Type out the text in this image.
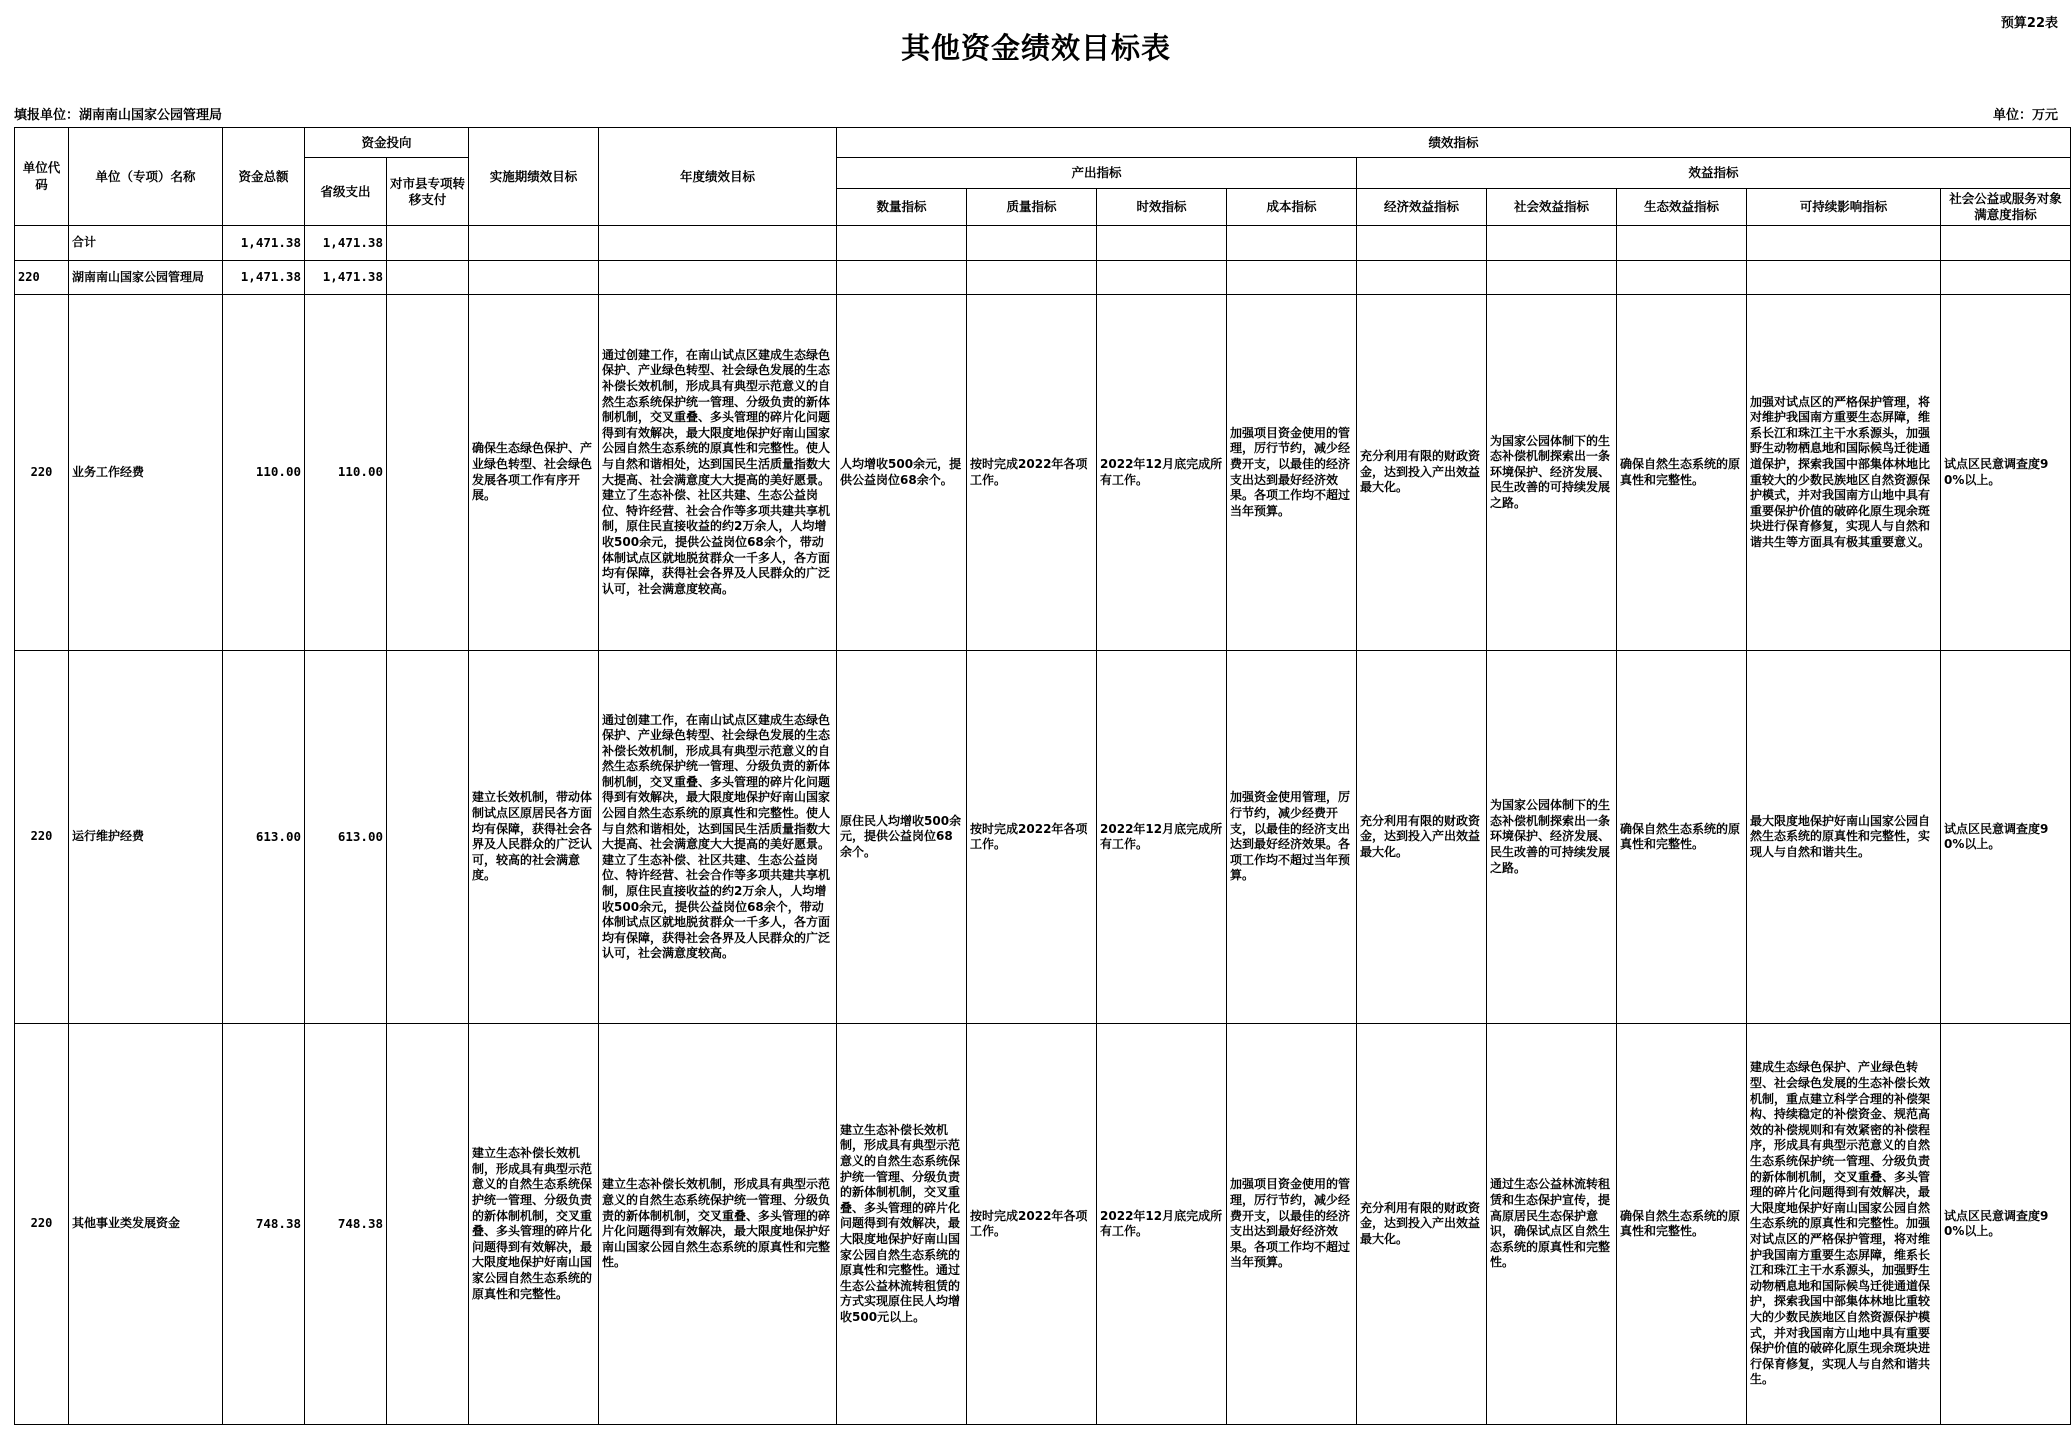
预算22表
其他资金绩效目标表
填报单位：湖南南山国家公园管理局	单位：万元
单位代码	单位（专项）名称	资金总额	资金投向		实施期绩效目标	年度绩效目标	绩效指标								
			省级支出	对市县专项转移支付			产出指标				效益指标				
							数量指标	质量指标	时效指标	成本指标	经济效益指标	社会效益指标	生态效益指标	可持续影响指标	社会公益或服务对象满意度指标
	合计	1,471.38	1,471.38												
220	湖南南山国家公园管理局	1,471.38	1,471.38												
220	业务工作经费	110.00	110.00		确保生态绿色保护、产业绿色转型、社会绿色发展各项工作有序开展。	通过创建工作，在南山试点区建成生态绿色保护、产业绿色转型、社会绿色发展的生态补偿长效机制，形成具有典型示范意义的自然生态系统保护统一管理、分级负责的新体制机制，交叉重叠、多头管理的碎片化问题得到有效解决，最大限度地保护好南山国家公园自然生态系统的原真性和完整性。使人与自然和谐相处，达到国民生活质量指数大大提高、社会满意度大大提高的美好愿景。建立了生态补偿、社区共建、生态公益岗位、特许经营、社会合作等多项共建共享机制，原住民直接收益的约2万余人，人均增收500余元，提供公益岗位68余个，带动体制试点区就地脱贫群众一千多人，各方面均有保障，获得社会各界及人民群众的广泛认可，社会满意度较高。	人均增收500余元，提供公益岗位68余个。	按时完成2022年各项工作。	2022年12月底完成所有工作。	加强项目资金使用的管理，厉行节约，减少经费开支，以最佳的经济支出达到最好经济效果。各项工作均不超过当年预算。	充分利用有限的财政资金，达到投入产出效益最大化。	为国家公园体制下的生态补偿机制探索出一条环境保护、经济发展、民生改善的可持续发展之路。	确保自然生态系统的原真性和完整性。	加强对试点区的严格保护管理，将对维护我国南方重要生态屏障，维系长江和珠江主干水系源头，加强野生动物栖息地和国际候鸟迁徙通道保护，探索我国中部集体林地比重较大的少数民族地区自然资源保护模式，并对我国南方山地中具有重要保护价值的破碎化原生现余斑块进行保育修复，实现人与自然和谐共生等方面具有极其重要意义。	试点区民意调查度90%以上。
220	运行维护经费	613.00	613.00		建立长效机制，带动体制试点区原居民各方面均有保障，获得社会各界及人民群众的广泛认可，较高的社会满意度。	通过创建工作，在南山试点区建成生态绿色保护、产业绿色转型、社会绿色发展的生态补偿长效机制，形成具有典型示范意义的自然生态系统保护统一管理、分级负责的新体制机制，交叉重叠、多头管理的碎片化问题得到有效解决，最大限度地保护好南山国家公园自然生态系统的原真性和完整性。使人与自然和谐相处，达到国民生活质量指数大大提高、社会满意度大大提高的美好愿景。建立了生态补偿、社区共建、生态公益岗位、特许经营、社会合作等多项共建共享机制，原住民直接收益的约2万余人，人均增收500余元，提供公益岗位68余个，带动体制试点区就地脱贫群众一千多人，各方面均有保障，获得社会各界及人民群众的广泛认可，社会满意度较高。	原住民人均增收500余元，提供公益岗位68余个。	按时完成2022年各项工作。	2022年12月底完成所有工作。	加强资金使用管理，厉行节约，减少经费开支，以最佳的经济支出达到最好经济效果。各项工作均不超过当年预算。	充分利用有限的财政资金，达到投入产出效益最大化。	为国家公园体制下的生态补偿机制探索出一条环境保护、经济发展、民生改善的可持续发展之路。	确保自然生态系统的原真性和完整性。	最大限度地保护好南山国家公园自然生态系统的原真性和完整性，实现人与自然和谐共生。	试点区民意调查度90%以上。
220	其他事业类发展资金	748.38	748.38		建立生态补偿长效机制，形成具有典型示范意义的自然生态系统保护统一管理、分级负责的新体制机制，交叉重叠、多头管理的碎片化问题得到有效解决，最大限度地保护好南山国家公园自然生态系统的原真性和完整性。	建立生态补偿长效机制，形成具有典型示范意义的自然生态系统保护统一管理、分级负责的新体制机制，交叉重叠、多头管理的碎片化问题得到有效解决，最大限度地保护好南山国家公园自然生态系统的原真性和完整性。	建立生态补偿长效机制，形成具有典型示范意义的自然生态系统保护统一管理、分级负责的新体制机制，交叉重叠、多头管理的碎片化问题得到有效解决，最大限度地保护好南山国家公园自然生态系统的原真性和完整性。通过生态公益林流转租赁的方式实现原住民人均增收500元以上。	按时完成2022年各项工作。	2022年12月底完成所有工作。	加强项目资金使用的管理，厉行节约，减少经费开支，以最佳的经济支出达到最好经济效果。各项工作均不超过当年预算。	充分利用有限的财政资金，达到投入产出效益最大化。	通过生态公益林流转租赁和生态保护宣传，提高原居民生态保护意识，确保试点区自然生态系统的原真性和完整性。	确保自然生态系统的原真性和完整性。	建成生态绿色保护、产业绿色转型、社会绿色发展的生态补偿长效机制，重点建立科学合理的补偿架构、持续稳定的补偿资金、规范高效的补偿规则和有效紧密的补偿程序，形成具有典型示范意义的自然生态系统保护统一管理、分级负责的新体制机制，交叉重叠、多头管理的碎片化问题得到有效解决，最大限度地保护好南山国家公园自然生态系统的原真性和完整性。加强对试点区的严格保护管理，将对维护我国南方重要生态屏障，维系长江和珠江主干水系源头，加强野生动物栖息地和国际候鸟迁徙通道保护，探索我国中部集体林地比重较大的少数民族地区自然资源保护模式，并对我国南方山地中具有重要保护价值的破碎化原生现余斑块进行保育修复，实现人与自然和谐共生。	试点区民意调查度90%以上。
